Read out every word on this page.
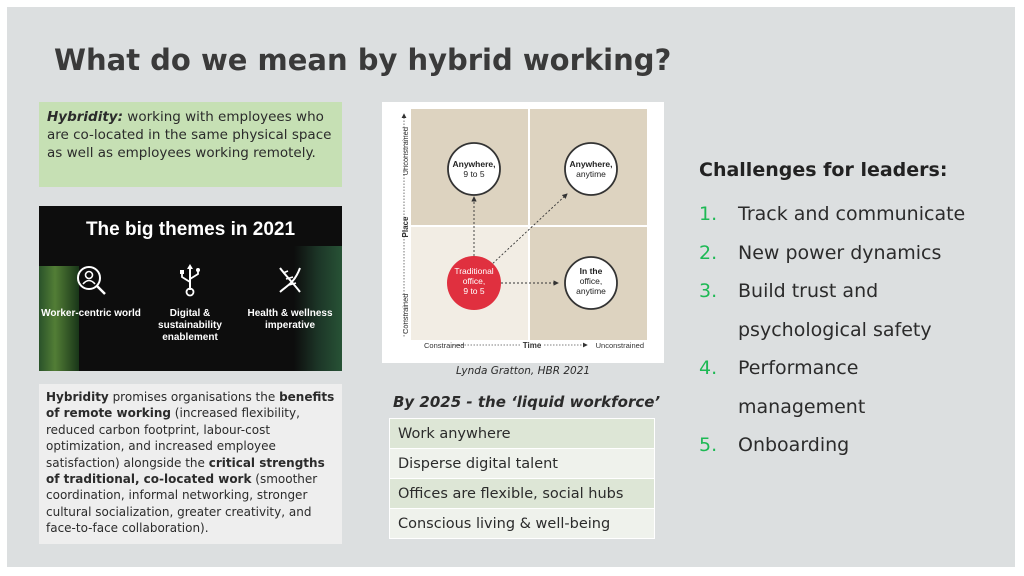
What do we mean by hybrid working?
Hybridity: working with employees who are co-located in the same physical space as well as employees working remotely.
The big themes in 2021
Worker-centric world	Digital & sustainability enablement
Health & wellness imperative
Hybridity promises organisations the benefits of remote working (increased flexibility, reduced carbon footprint, labour-cost optimization, and increased employee satisfaction) alongside the critical strengths of traditional, co-located work (smoother coordination, informal networking, stronger cultural socialization, greater creativity, and face-to-face collaboration).
Unconstrained
Place
Constrained
Constrained	Time	Unconstrained
Anywhere,
9 to 5
Anywhere,
anytime
Traditional
office,
9 to 5
In the
office,
anytime
Lynda Gratton, HBR 2021
By 2025 - the ‘liquid workforce’
Work anywhere
Disperse digital talent
Offices are flexible, social hubs
Conscious living & well-being
Challenges for leaders:
1.	Track and communicate
2.	New power dynamics
3.	Build trust and
psychological safety
4.	Performance
management
5.	Onboarding
